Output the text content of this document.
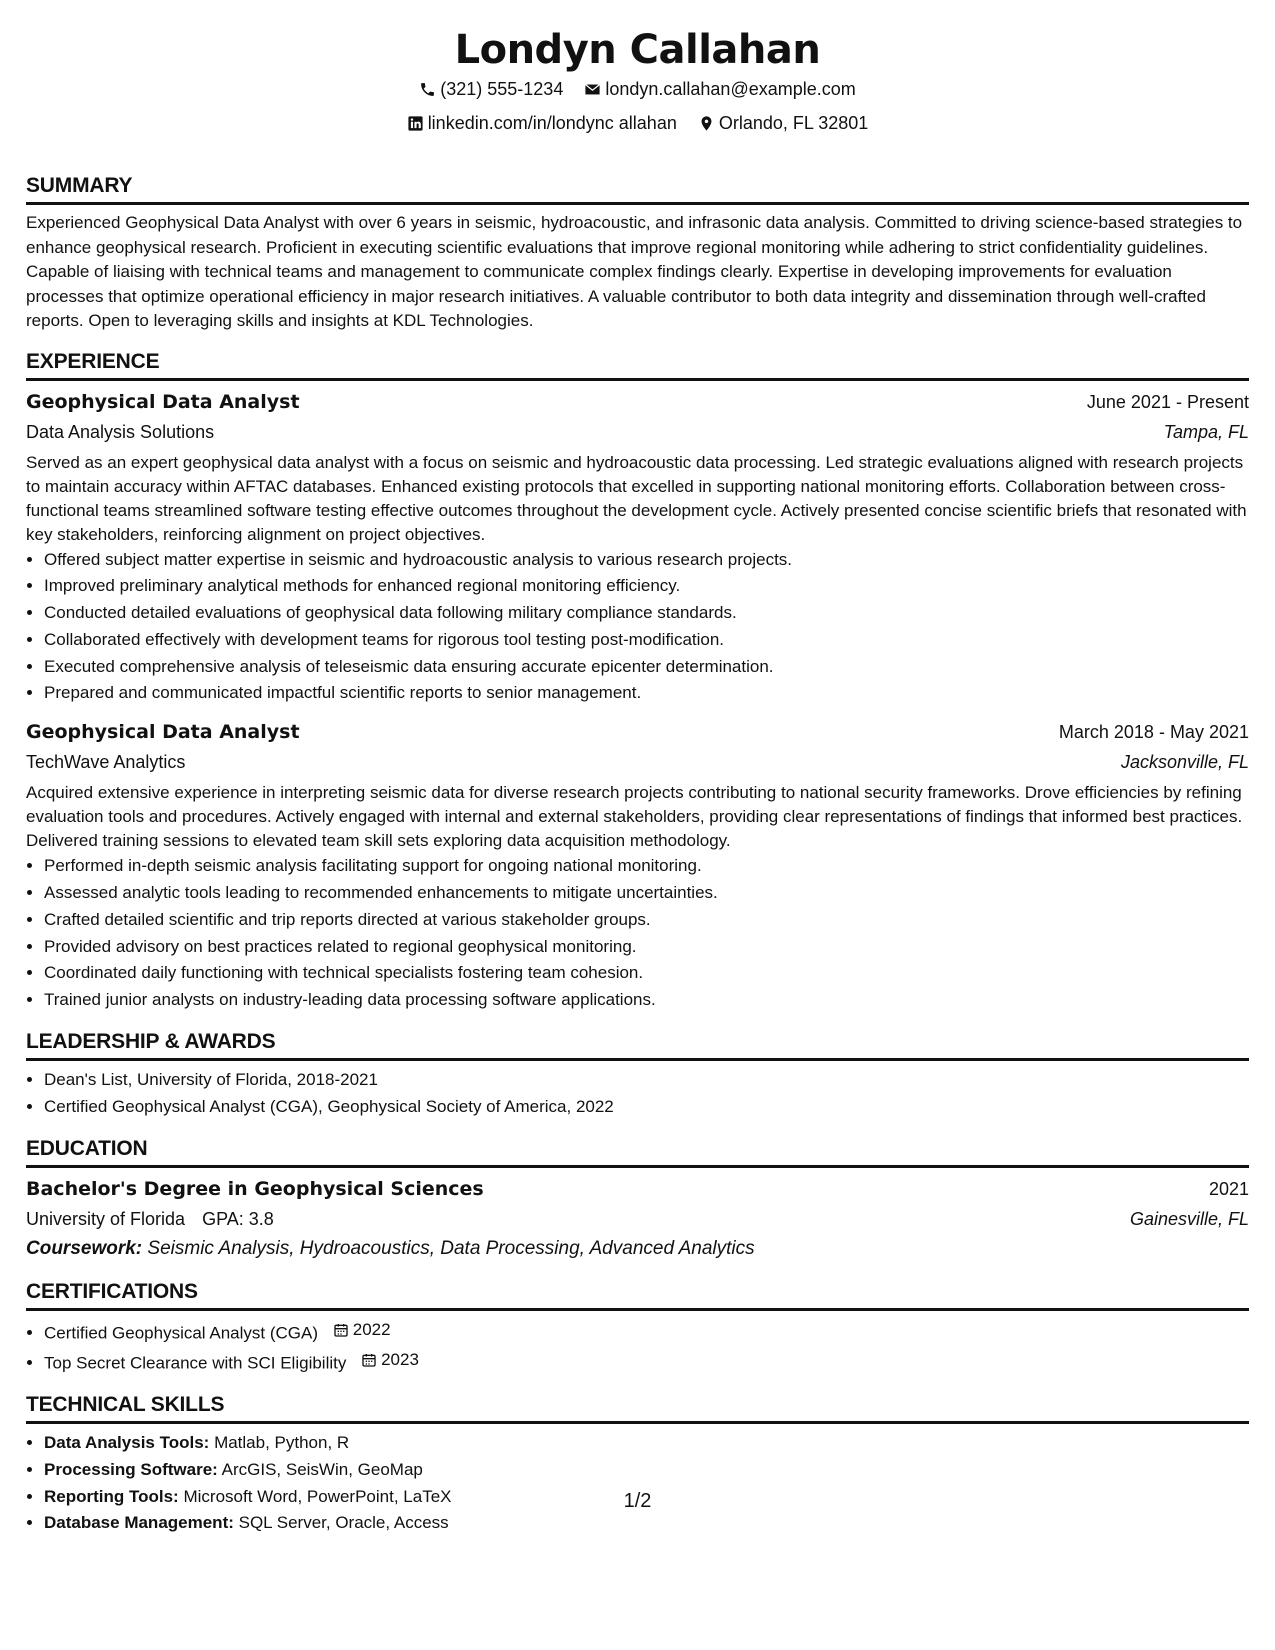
Londyn Callahan
(321) 555-1234
londyn.callahan@example.com
linkedin.com/in/londync allahan
Orlando, FL 32801
SUMMARY

Experienced Geophysical Data Analyst with over 6 years in seismic, hydroacoustic, and infrasonic data analysis. Committed to driving science-based strategies to enhance geophysical research. Proficient in executing scientific evaluations that improve regional monitoring while adhering to strict confidentiality guidelines. Capable of liaising with technical teams and management to communicate complex findings clearly. Expertise in developing improvements for evaluation processes that optimize operational efficiency in major research initiatives. A valuable contributor to both data integrity and dissemination through well-crafted reports. Open to leveraging skills and insights at KDL Technologies.

EXPERIENCE
Geophysical Data Analyst	June 2021 - Present
Data Analysis Solutions	Tampa, FL

Served as an expert geophysical data analyst with a focus on seismic and hydroacoustic data processing. Led strategic evaluations aligned with research projects to maintain accuracy within AFTAC databases. Enhanced existing protocols that excelled in supporting national monitoring efforts. Collaboration between cross-functional teams streamlined software testing effective outcomes throughout the development cycle. Actively presented concise scientific briefs that resonated with key stakeholders, reinforcing alignment on project objectives.

• Offered subject matter expertise in seismic and hydroacoustic analysis to various research projects.
• Improved preliminary analytical methods for enhanced regional monitoring efficiency.
• Conducted detailed evaluations of geophysical data following military compliance standards.
• Collaborated effectively with development teams for rigorous tool testing post-modification.
• Executed comprehensive analysis of teleseismic data ensuring accurate epicenter determination.
• Prepared and communicated impactful scientific reports to senior management.
Geophysical Data Analyst	March 2018 - May 2021
TechWave Analytics	Jacksonville, FL

Acquired extensive experience in interpreting seismic data for diverse research projects contributing to national security frameworks. Drove efficiencies by refining evaluation tools and procedures. Actively engaged with internal and external stakeholders, providing clear representations of findings that informed best practices. Delivered training sessions to elevated team skill sets exploring data acquisition methodology.

• Performed in-depth seismic analysis facilitating support for ongoing national monitoring.
• Assessed analytic tools leading to recommended enhancements to mitigate uncertainties.
• Crafted detailed scientific and trip reports directed at various stakeholder groups.
• Provided advisory on best practices related to regional geophysical monitoring.
• Coordinated daily functioning with technical specialists fostering team cohesion.
• Trained junior analysts on industry-leading data processing software applications.
LEADERSHIP & AWARDS
• Dean's List, University of Florida, 2018-2021
• Certified Geophysical Analyst (CGA), Geophysical Society of America, 2022
EDUCATION
Bachelor's Degree in Geophysical Sciences	2021
University of Florida GPA: 3.8	Gainesville, FL
Coursework: Seismic Analysis, Hydroacoustics, Data Processing, Advanced Analytics
CERTIFICATIONS
• Certified Geophysical Analyst (CGA) 2022
• Top Secret Clearance with SCI Eligibility 2023
TECHNICAL SKILLS
• Data Analysis Tools: Matlab, Python, R
• Processing Software: ArcGIS, SeisWin, GeoMap
• Reporting Tools: Microsoft Word, PowerPoint, LaTeX
• Database Management: SQL Server, Oracle, Access
1/2
